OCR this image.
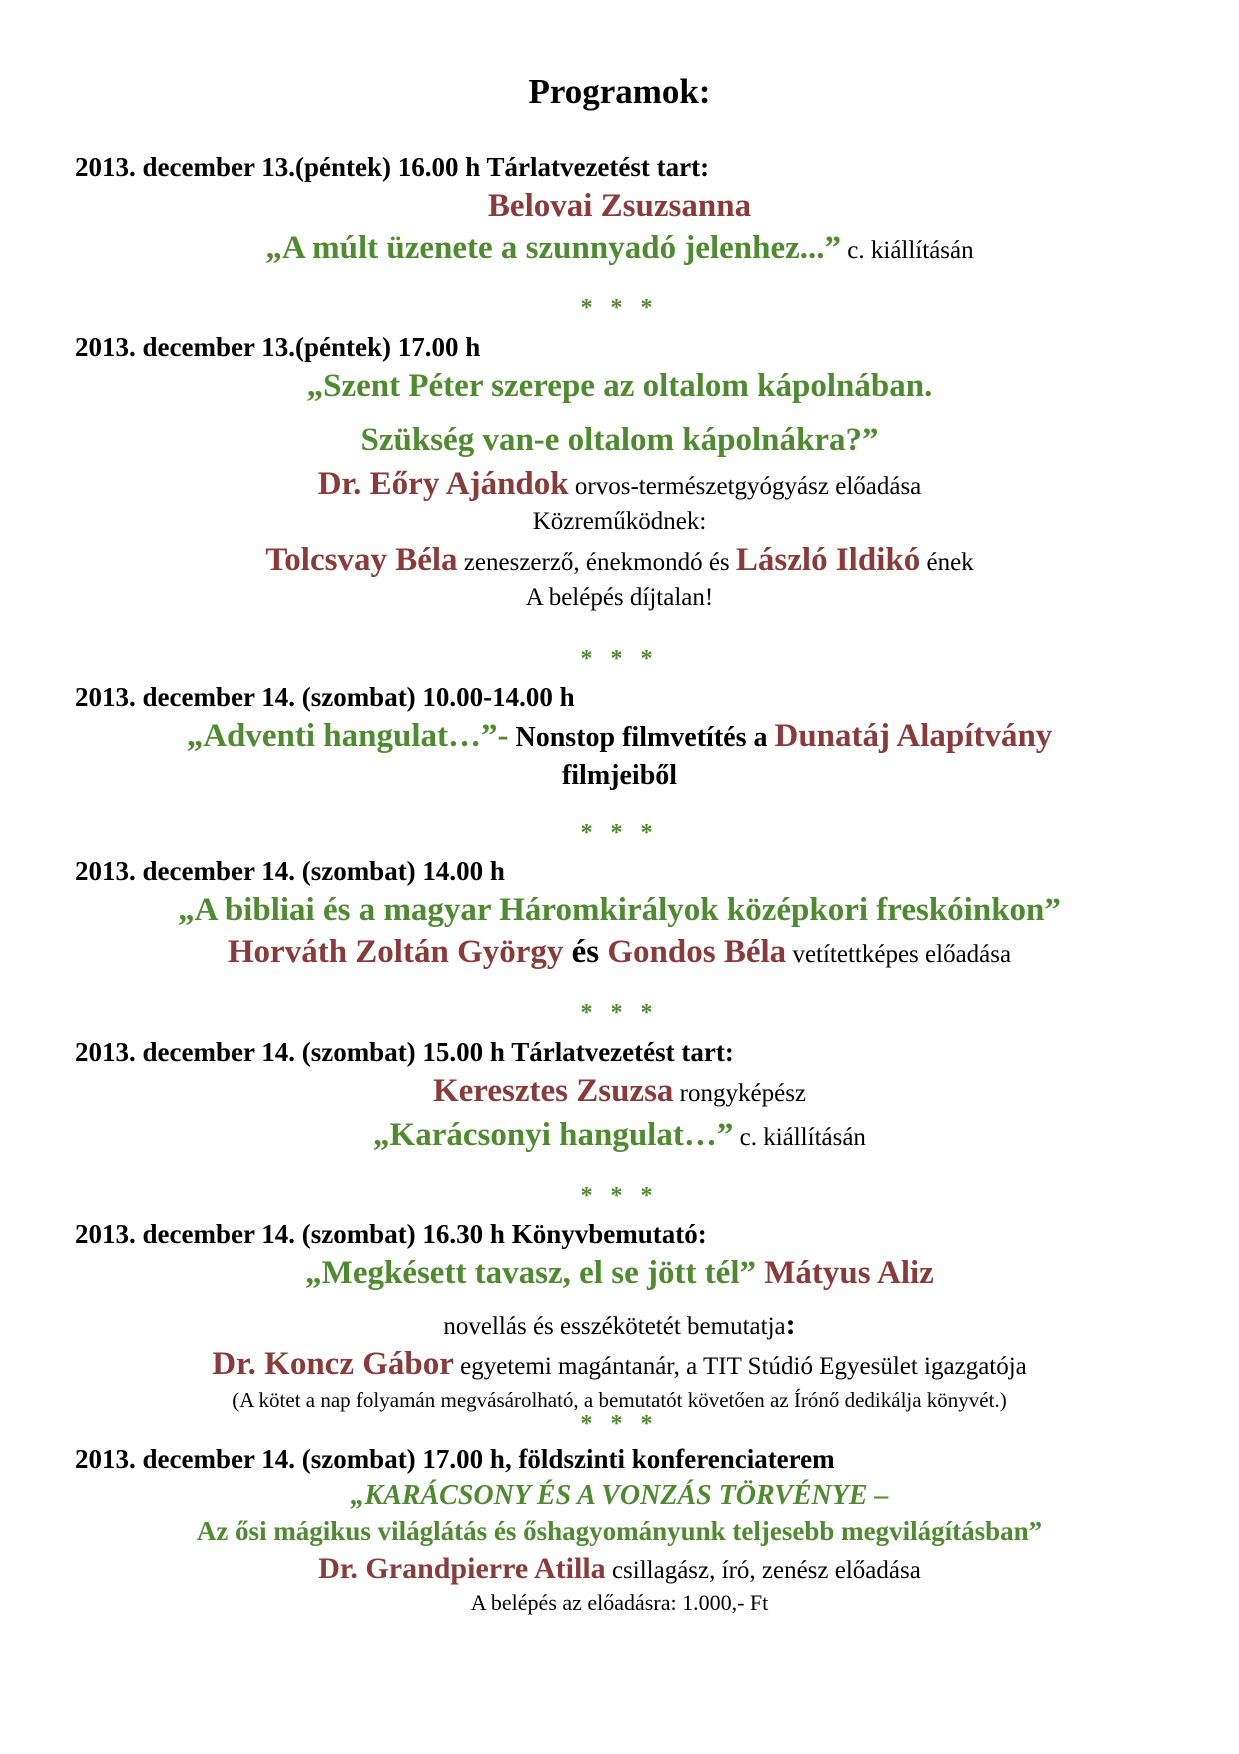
Programok:
2013. december 13.(péntek) 16.00 h Tárlatvezetést tart:
Belovai Zsuzsanna
„A múlt üzenete a szunnyadó jelenhez...” c. kiállításán
* * *
2013. december 13.(péntek) 17.00 h
„Szent Péter szerepe az oltalom kápolnában.
Szükség van-e oltalom kápolnákra?”
Dr. Eőry Ajándok orvos-természetgyógyász előadása
Közreműködnek:
Tolcsvay Béla zeneszerző, énekmondó és László Ildikó ének
A belépés díjtalan!
* * *
2013. december 14. (szombat) 10.00-14.00 h
„Adventi hangulat…”- Nonstop filmvetítés a Dunatáj Alapítvány
filmjeiből
* * *
2013. december 14. (szombat) 14.00 h
„A bibliai és a magyar Háromkirályok középkori freskóinkon”
Horváth Zoltán György és Gondos Béla vetítettképes előadása
* * *
2013. december 14. (szombat) 15.00 h Tárlatvezetést tart:
Keresztes Zsuzsa rongyképész
„Karácsonyi hangulat…” c. kiállításán
* * *
2013. december 14. (szombat) 16.30 h Könyvbemutató:
„Megkésett tavasz, el se jött tél” Mátyus Aliz
novellás és esszékötetét bemutatja:
Dr. Koncz Gábor egyetemi magántanár, a TIT Stúdió Egyesület igazgatója
(A kötet a nap folyamán megvásárolható, a bemutatót követően az Írónő dedikálja könyvét.)
* * *
2013. december 14. (szombat) 17.00 h, földszinti konferenciaterem
„KARÁCSONY ÉS A VONZÁS TÖRVÉNYE –
Az ősi mágikus világlátás és őshagyományunk teljesebb megvilágításban”
Dr. Grandpierre Atilla csillagász, író, zenész előadása
A belépés az előadásra: 1.000,- Ft
